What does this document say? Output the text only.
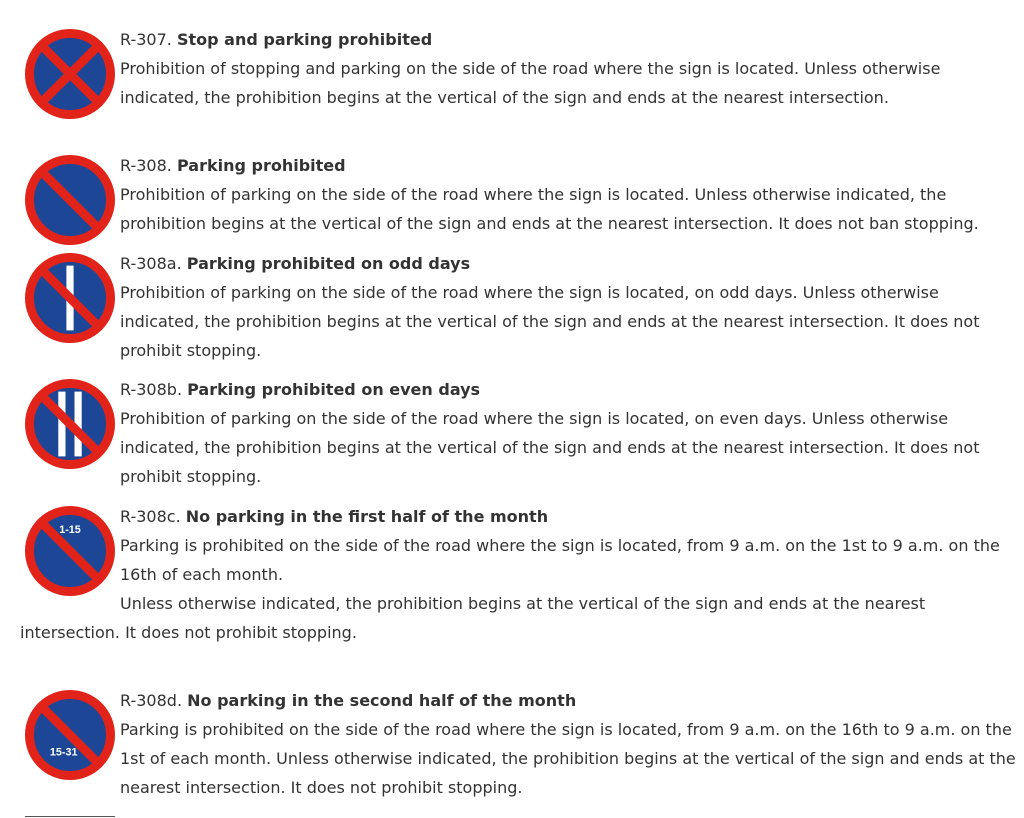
R-307. Stop and parking prohibited

Prohibition of stopping and parking on the side of the road where the sign is located. Unless otherwise indicated, the prohibition begins at the vertical of the sign and ends at the nearest intersection.

R-308. Parking prohibited

Prohibition of parking on the side of the road where the sign is located. Unless otherwise indicated, the prohibition begins at the vertical of the sign and ends at the nearest intersection. It does not ban stopping.

R-308a. Parking prohibited on odd days

Prohibition of parking on the side of the road where the sign is located, on odd days. Unless otherwise indicated, the prohibition begins at the vertical of the sign and ends at the nearest intersection. It does not prohibit stopping.

R-308b. Parking prohibited on even days

Prohibition of parking on the side of the road where the sign is located, on even days. Unless otherwise indicated, the prohibition begins at the vertical of the sign and ends at the nearest intersection. It does not prohibit stopping.

1-15
R-308c. No parking in the first half of the month

Parking is prohibited on the side of the road where the sign is located, from 9 a.m. on the 1st to 9 a.m. on the 16th of each month.

Unless otherwise indicated, the prohibition begins at the vertical of the sign and ends at the nearest intersection. It does not prohibit stopping.

15-31
R-308d. No parking in the second half of the month

Parking is prohibited on the side of the road where the sign is located, from 9 a.m. on the 16th to 9 a.m. on the 1st of each month. Unless otherwise indicated, the prohibition begins at the vertical of the sign and ends at the nearest intersection. It does not prohibit stopping.
